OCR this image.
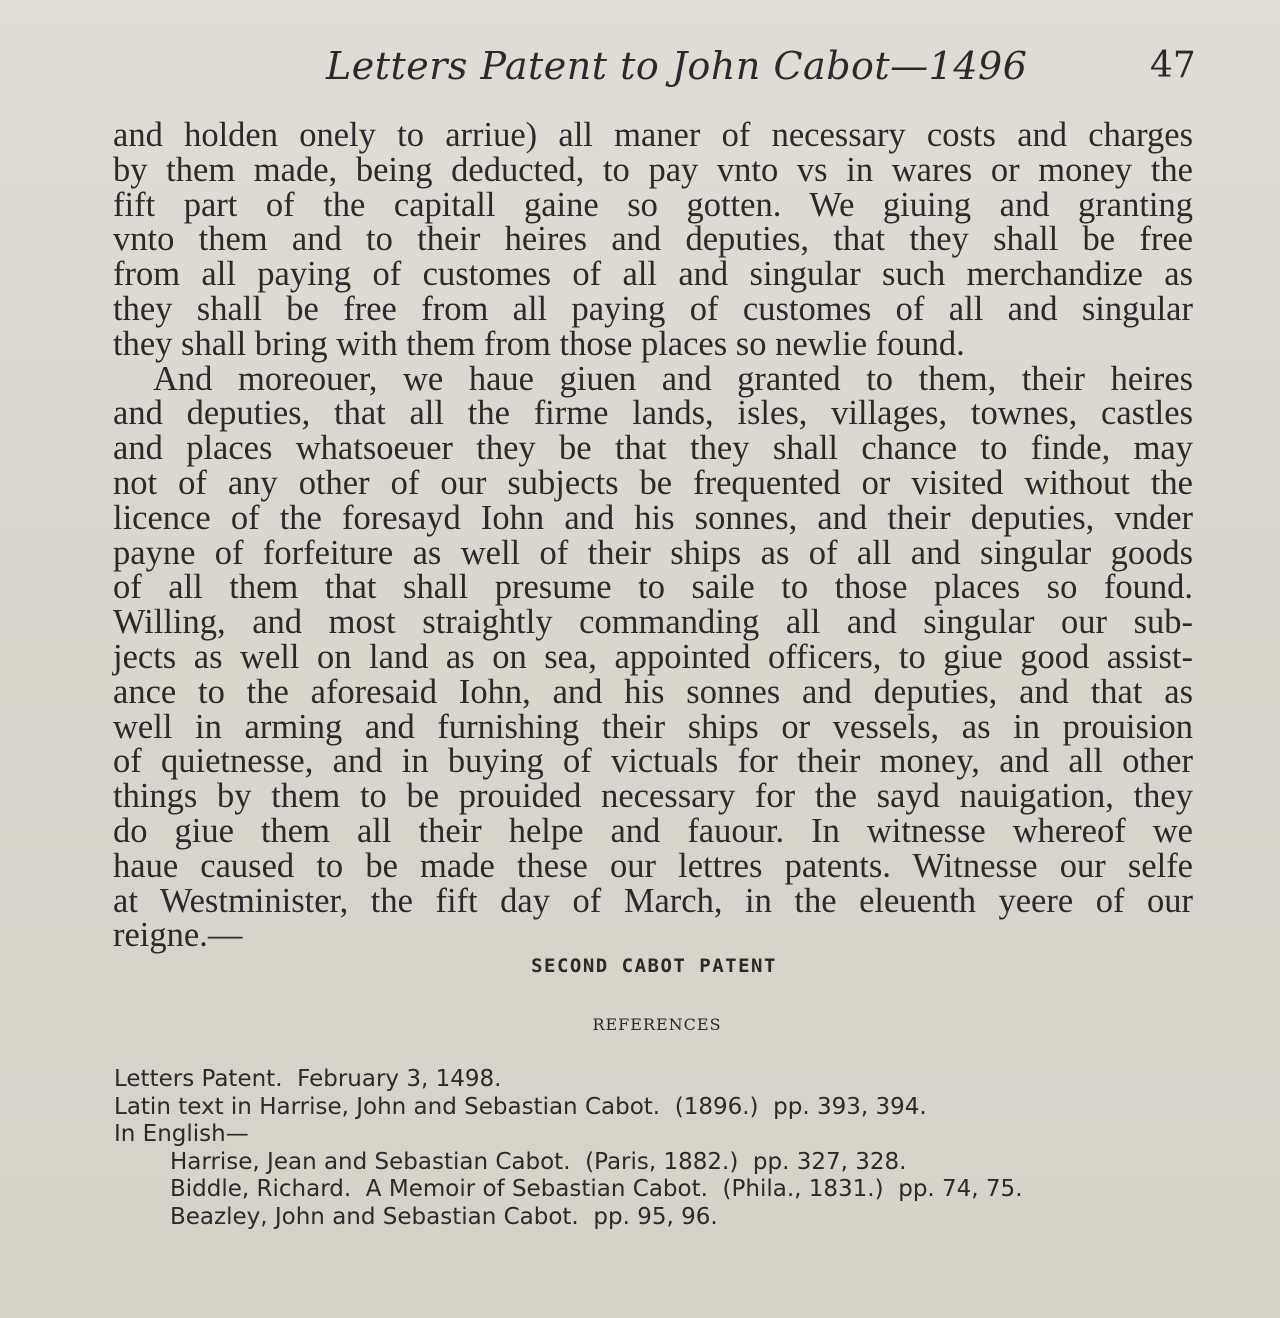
Letters Patent to John Cabot—1496	47
and holden onely to arriue) all maner of necessary costs and charges
by them made, being deducted, to pay vnto vs in wares or money the
fift part of the capitall gaine so gotten. We giuing and granting
vnto them and to their heires and deputies, that they shall be free
from all paying of customes of all and singular such merchandize as
they shall be free from all paying of customes of all and singular
they shall bring with them from those places so newlie found.
And moreouer, we haue giuen and granted to them, their heires
and deputies, that all the firme lands, isles, villages, townes, castles
and places whatsoeuer they be that they shall chance to finde, may
not of any other of our subjects be frequented or visited without the
licence of the foresayd Iohn and his sonnes, and their deputies, vnder
payne of forfeiture as well of their ships as of all and singular goods
of all them that shall presume to saile to those places so found.
Willing, and most straightly commanding all and singular our sub-
jects as well on land as on sea, appointed officers, to giue good assist-
ance to the aforesaid Iohn, and his sonnes and deputies, and that as
well in arming and furnishing their ships or vessels, as in prouision
of quietnesse, and in buying of victuals for their money, and all other
things by them to be prouided necessary for the sayd nauigation, they
do giue them all their helpe and fauour. In witnesse whereof we
haue caused to be made these our lettres patents. Witnesse our selfe
at Westminister, the fift day of March, in the eleuenth yeere of our
reigne.—
SECOND CABOT PATENT
REFERENCES
Letters Patent.  February 3, 1498.
Latin text in Harrise, John and Sebastian Cabot.  (1896.)  pp. 393, 394.
In English—
Harrise, Jean and Sebastian Cabot.  (Paris, 1882.)  pp. 327, 328.
Biddle, Richard.  A Memoir of Sebastian Cabot.  (Phila., 1831.)  pp. 74, 75.
Beazley, John and Sebastian Cabot.  pp. 95, 96.
